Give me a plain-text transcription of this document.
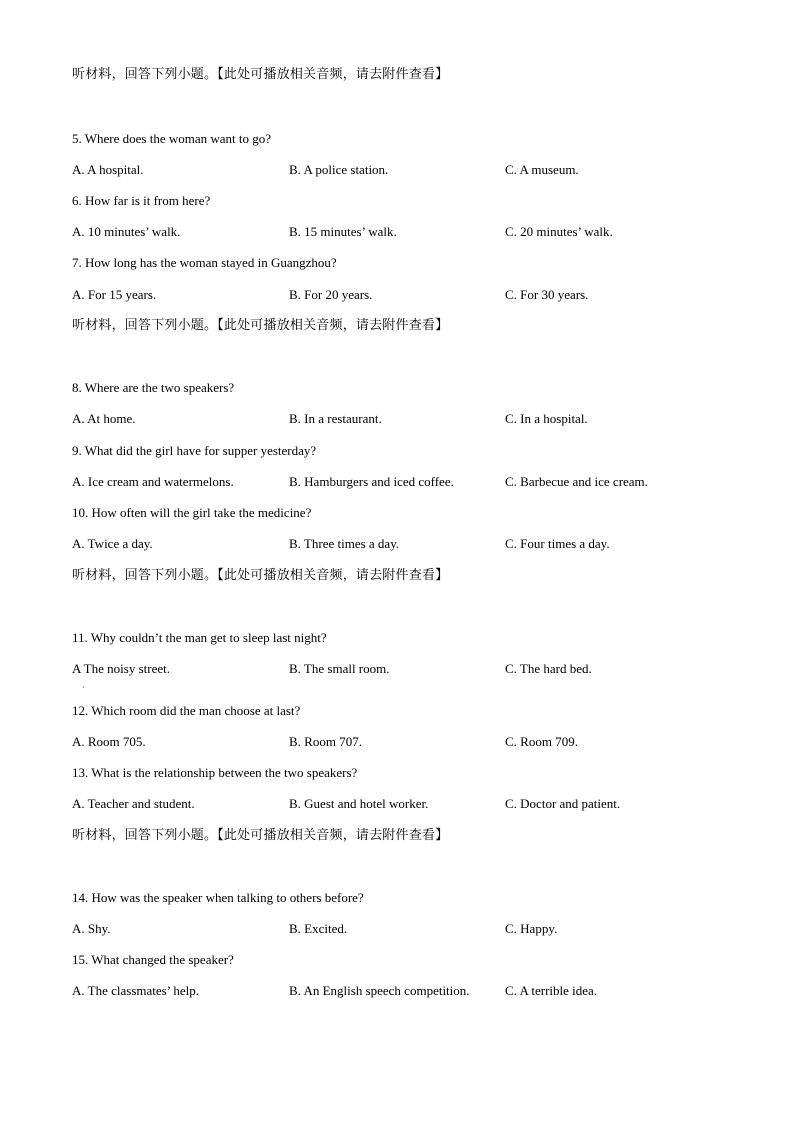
听材料，回答下列小题。【此处可播放相关音频，请去附件查看】
5. Where does the woman want to go?
A. A hospital.	B. A police station.	C. A museum.
6. How far is it from here?
A. 10 minutes’ walk.	B. 15 minutes’ walk.	C. 20 minutes’ walk.
7. How long has the woman stayed in Guangzhou?
A. For 15 years.	B. For 20 years.	C. For 30 years.
听材料，回答下列小题。【此处可播放相关音频，请去附件查看】
8. Where are the two speakers?
A. At home.	B. In a restaurant.	C. In a hospital.
9. What did the girl have for supper yesterday?
A. Ice cream and watermelons.	B. Hamburgers and iced coffee.	C. Barbecue and ice cream.
10. How often will the girl take the medicine?
A. Twice a day.	B. Three times a day.	C. Four times a day.
听材料，回答下列小题。【此处可播放相关音频，请去附件查看】
11. Why couldn’t the man get to sleep last night?
A The noisy street.	B. The small room.	C. The hard bed.
·
12. Which room did the man choose at last?
A. Room 705.	B. Room 707.	C. Room 709.
13. What is the relationship between the two speakers?
A. Teacher and student.	B. Guest and hotel worker.	C. Doctor and patient.
听材料，回答下列小题。【此处可播放相关音频，请去附件查看】
14. How was the speaker when talking to others before?
A. Shy.	B. Excited.	C. Happy.
15. What changed the speaker?
A. The classmates’ help.	B. An English speech competition.	C. A terrible idea.
